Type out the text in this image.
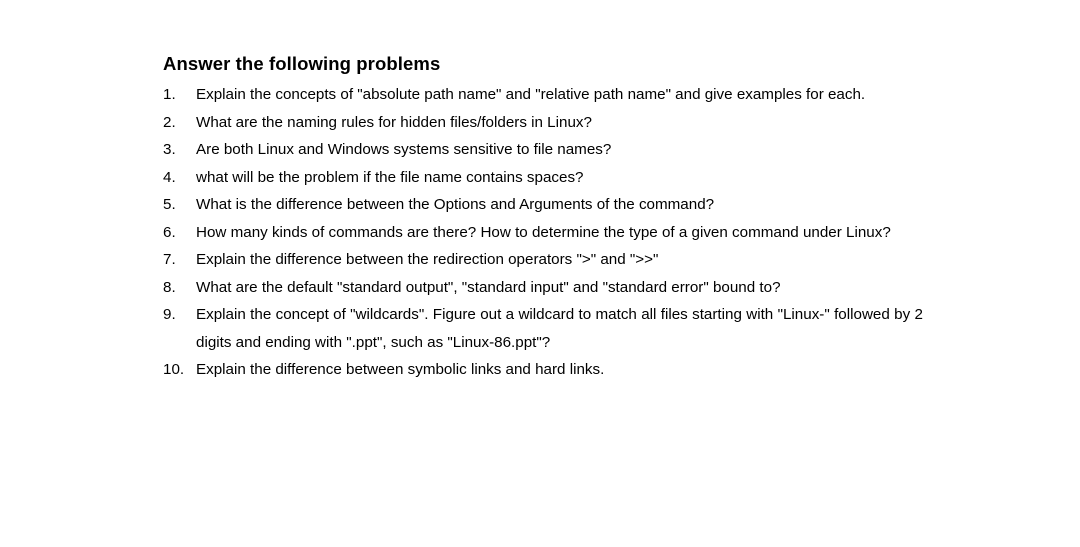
Answer the following problems
1.	Explain the concepts of "absolute path name" and "relative path name" and give examples for each.
2.	What are the naming rules for hidden files/folders in Linux?
3.	Are both Linux and Windows systems sensitive to file names?
4.	what will be the problem if the file name contains spaces?
5.	What is the difference between the Options and Arguments of the command?
6.	How many kinds of commands are there? How to determine the type of a given command under Linux?
7.	Explain the difference between the redirection operators ">" and ">>"
8.	What are the default "standard output", "standard input" and "standard error" bound to?
9.	Explain the concept of "wildcards". Figure out a wildcard to match all files starting with "Linux-" followed by 2 digits and ending with ".ppt", such as "Linux-86.ppt"?
10. Explain the difference between symbolic links and hard links.
